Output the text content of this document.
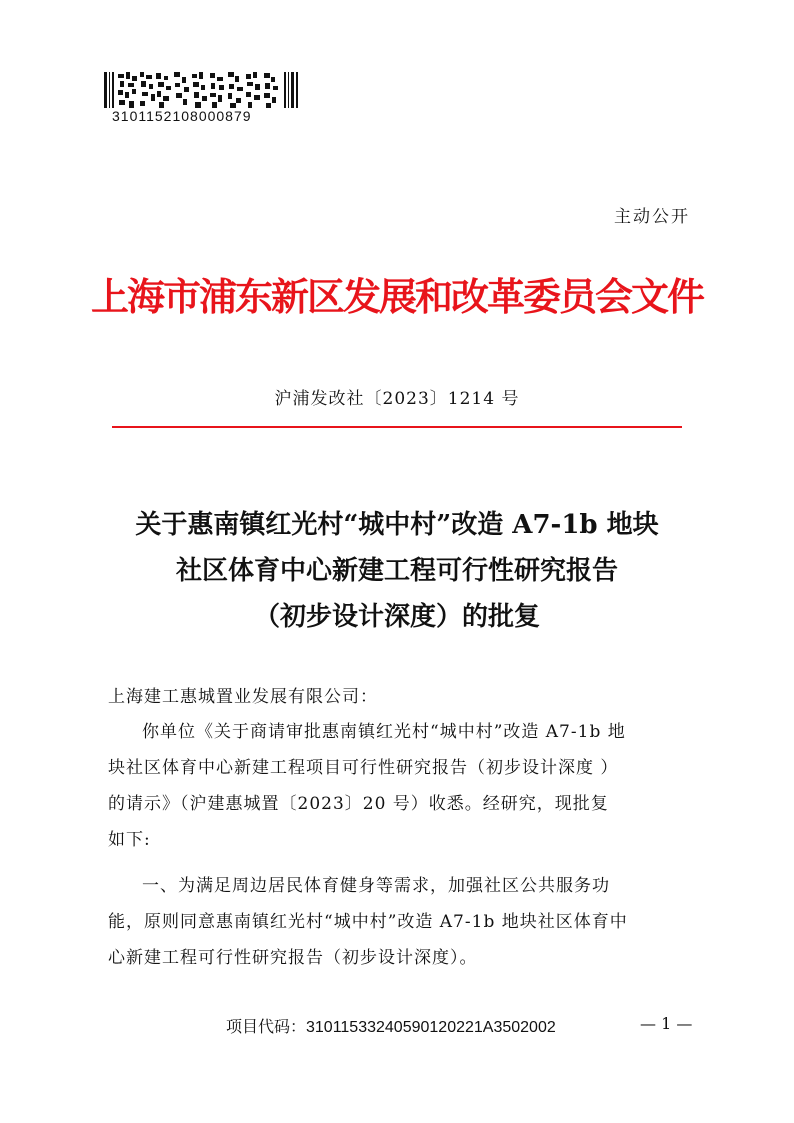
3101152108000879
主动公开
上海市浦东新区发展和改革委员会文件
沪浦发改社〔2023〕1214 号
关于惠南镇红光村“城中村”改造 A7-1b 地块
社区体育中心新建工程可行性研究报告
（初步设计深度）的批复
上海建工惠城置业发展有限公司：
你单位《关于商请审批惠南镇红光村“城中村”改造 A7-1b 地
块社区体育中心新建工程项目可行性研究报告（初步设计深度 ）
的请示》（沪建惠城置〔2023〕20 号）收悉。经研究，现批复
如下:
一、为满足周边居民体育健身等需求，加强社区公共服务功
能，原则同意惠南镇红光村“城中村”改造 A7-1b 地块社区体育中
心新建工程可行性研究报告（初步设计深度）。
项目代码：31011533240590120221A3502002	— 1 —
